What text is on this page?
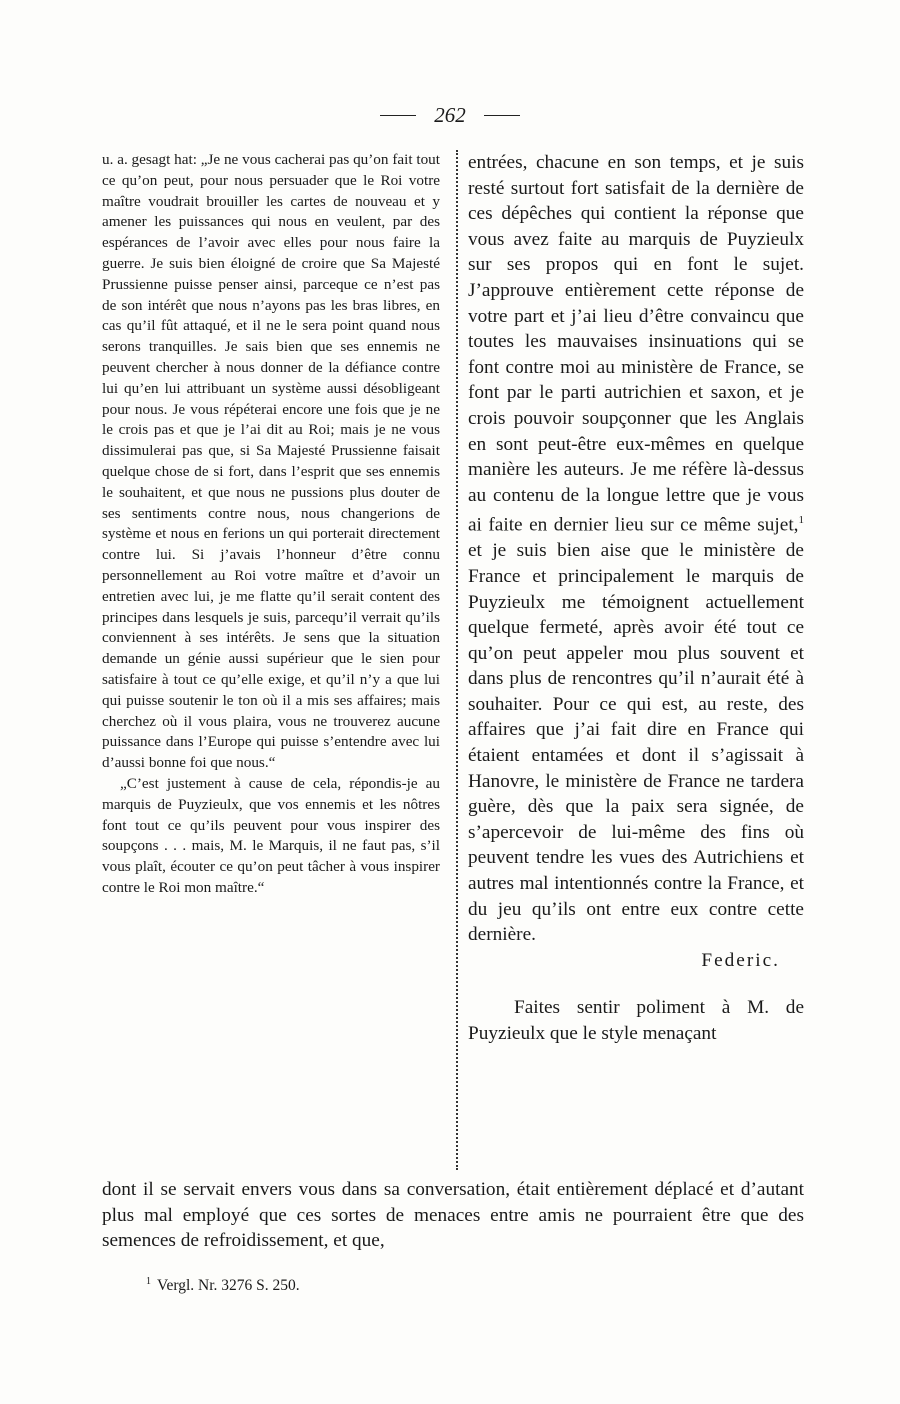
262

u. a. gesagt hat: „Je ne vous cacherai pas qu’on fait tout ce qu’on peut, pour nous persuader que le Roi votre maître voudrait brouiller les cartes de nouveau et y amener les puissances qui nous en veulent, par des espérances de l’avoir avec elles pour nous faire la guerre. Je suis bien éloigné de croire que Sa Majesté Prussienne puisse penser ainsi, parceque ce n’est pas de son intérêt que nous n’ayons pas les bras libres, en cas qu’il fût attaqué, et il ne le sera point quand nous serons tranquilles. Je sais bien que ses ennemis ne peuvent chercher à nous donner de la défiance contre lui qu’en lui attribuant un système aussi désobligeant pour nous. Je vous répéterai encore une fois que je ne le crois pas et que je l’ai dit au Roi; mais je ne vous dissimulerai pas que, si Sa Majesté Prussienne faisait quelque chose de si fort, dans l’esprit que ses ennemis le souhaitent, et que nous ne pussions plus douter de ses sentiments contre nous, nous changerions de système et nous en ferions un qui porterait directement contre lui. Si j’avais l’honneur d’être connu personnellement au Roi votre maître et d’avoir un entretien avec lui, je me flatte qu’il serait content des principes dans lesquels je suis, parcequ’il verrait qu’ils conviennent à ses intérêts. Je sens que la situation demande un génie aussi supérieur que le sien pour satisfaire à tout ce qu’elle exige, et qu’il n’y a que lui qui puisse soutenir le ton où il a mis ses affaires; mais cherchez où il vous plaira, vous ne trouverez aucune puissance dans l’Europe qui puisse s’entendre avec lui d’aussi bonne foi que nous.“

„C’est justement à cause de cela, répondis-je au marquis de Puyzieulx, que vos ennemis et les nôtres font tout ce qu’ils peuvent pour vous inspirer des soupçons . . . mais, M. le Marquis, il ne faut pas, s’il vous plaît, écouter ce qu’on peut tâcher à vous inspirer contre le Roi mon maître.“

entrées, chacune en son temps, et je suis resté surtout fort satisfait de la dernière de ces dépêches qui contient la réponse que vous avez faite au marquis de Puyzieulx sur ses propos qui en font le sujet. J’approuve entièrement cette réponse de votre part et j’ai lieu d’être convaincu que toutes les mauvaises insinuations qui se font contre moi au ministère de France, se font par le parti autrichien et saxon, et je crois pouvoir soupçonner que les Anglais en sont peut-être eux-mêmes en quelque manière les auteurs. Je me réfère là-dessus au contenu de la longue lettre que je vous ai faite en dernier lieu sur ce même sujet,$^1$ et je suis bien aise que le ministère de France et principalement le marquis de Puyzieulx me témoignent actuellement quelque fermeté, après avoir été tout ce qu’on peut appeler mou plus souvent et dans plus de rencontres qu’il n’aurait été à souhaiter. Pour ce qui est, au reste, des affaires que j’ai fait dire en France qui étaient entamées et dont il s’agissait à Hanovre, le ministère de France ne tardera guère, dès que la paix sera signée, de s’apercevoir de lui-même des fins où peuvent tendre les vues des Autrichiens et autres mal intentionnés contre la France, et du jeu qu’ils ont entre eux contre cette dernière.

Federic.

Faites sentir poliment à M. de Puyzieulx que le style menaçant

dont il se servait envers vous dans sa conversation, était entièrement déplacé et d’autant plus mal employé que ces sortes de menaces entre amis ne pourraient être que des semences de refroidissement, et que,

$^1$ Vergl. Nr. 3276 S. 250.
